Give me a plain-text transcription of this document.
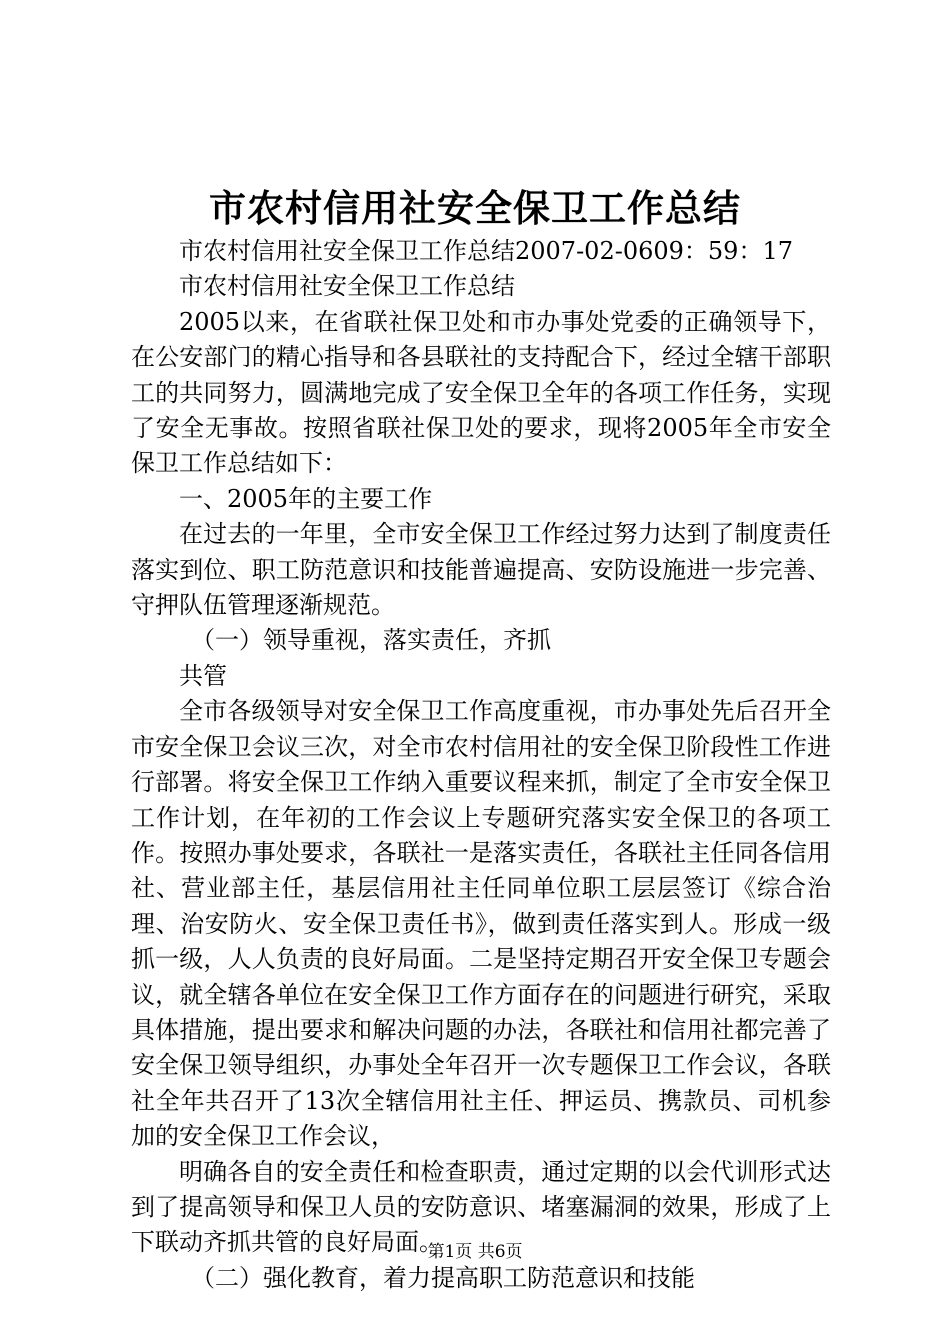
市农村信用社安全保卫工作总结

市农村信用社安全保卫工作总结2007-02-0609：59：17

市农村信用社安全保卫工作总结

2005以来，在省联社保卫处和市办事处党委的正确领导下，在公安部门的精心指导和各县联社的支持配合下，经过全辖干部职工的共同努力，圆满地完成了安全保卫全年的各项工作任务，实现了安全无事故。按照省联社保卫处的要求，现将2005年全市安全保卫工作总结如下：

一、2005年的主要工作

在过去的一年里，全市安全保卫工作经过努力达到了制度责任落实到位、职工防范意识和技能普遍提高、安防设施进一步完善、守押队伍管理逐渐规范。

（一）领导重视，落实责任，齐抓

共管

全市各级领导对安全保卫工作高度重视，市办事处先后召开全市安全保卫会议三次，对全市农村信用社的安全保卫阶段性工作进行部署。将安全保卫工作纳入重要议程来抓，制定了全市安全保卫工作计划，在年初的工作会议上专题研究落实安全保卫的各项工作。按照办事处要求，各联社一是落实责任，各联社主任同各信用社、营业部主任，基层信用社主任同单位职工层层签订《综合治理、治安防火、安全保卫责任书》，做到责任落实到人。形成一级抓一级，人人负责的良好局面。二是坚持定期召开安全保卫专题会议，就全辖各单位在安全保卫工作方面存在的问题进行研究，采取具体措施，提出要求和解决问题的办法，各联社和信用社都完善了安全保卫领导组织，办事处全年召开一次专题保卫工作会议，各联社全年共召开了13次全辖信用社主任、押运员、携款员、司机参加的安全保卫工作会议，

明确各自的安全责任和检查职责，通过定期的以会代训形式达到了提高领导和保卫人员的安防意识、堵塞漏洞的效果，形成了上下联动齐抓共管的良好局面。

（二）强化教育，着力提高职工防范意识和技能

第1页 共6页
